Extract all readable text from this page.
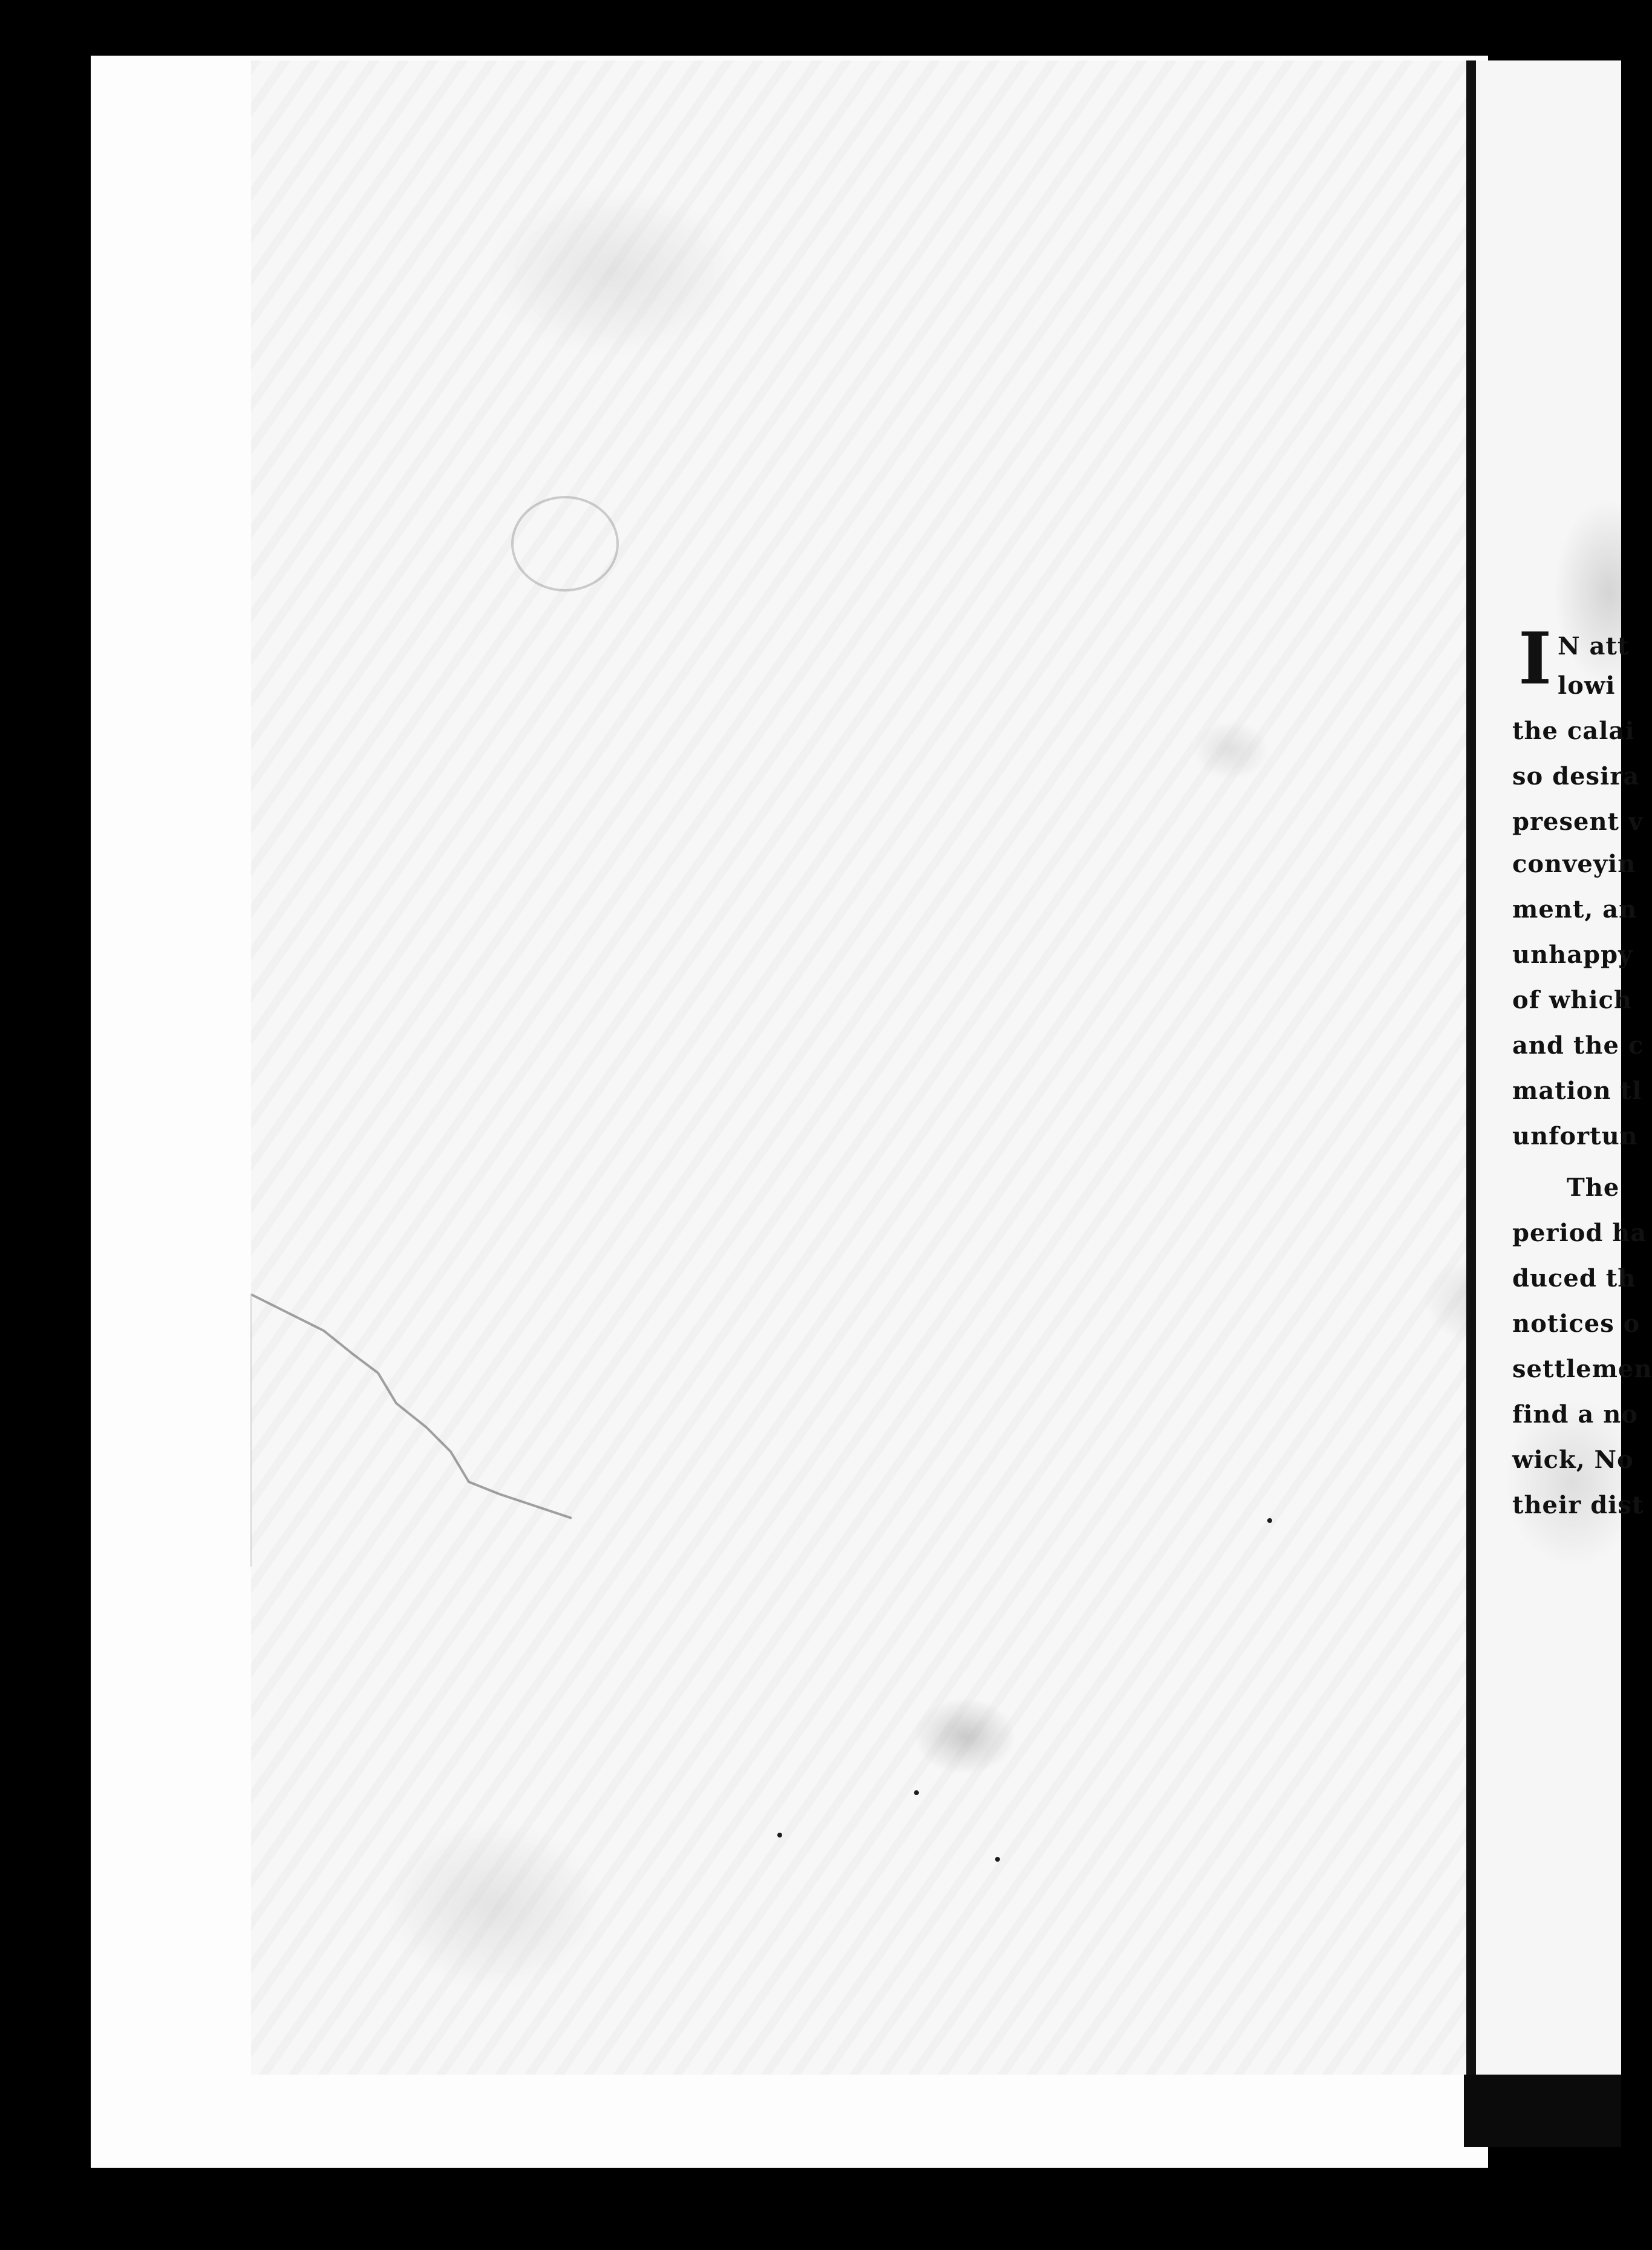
I N att
lowi
the calai
so desira
present v
conveyin
ment, an
unhappy
of which
and the c
mation tl
unfortun
The
period ha
duced th
notices o
settlemen
find a no
wick, No
their dist
